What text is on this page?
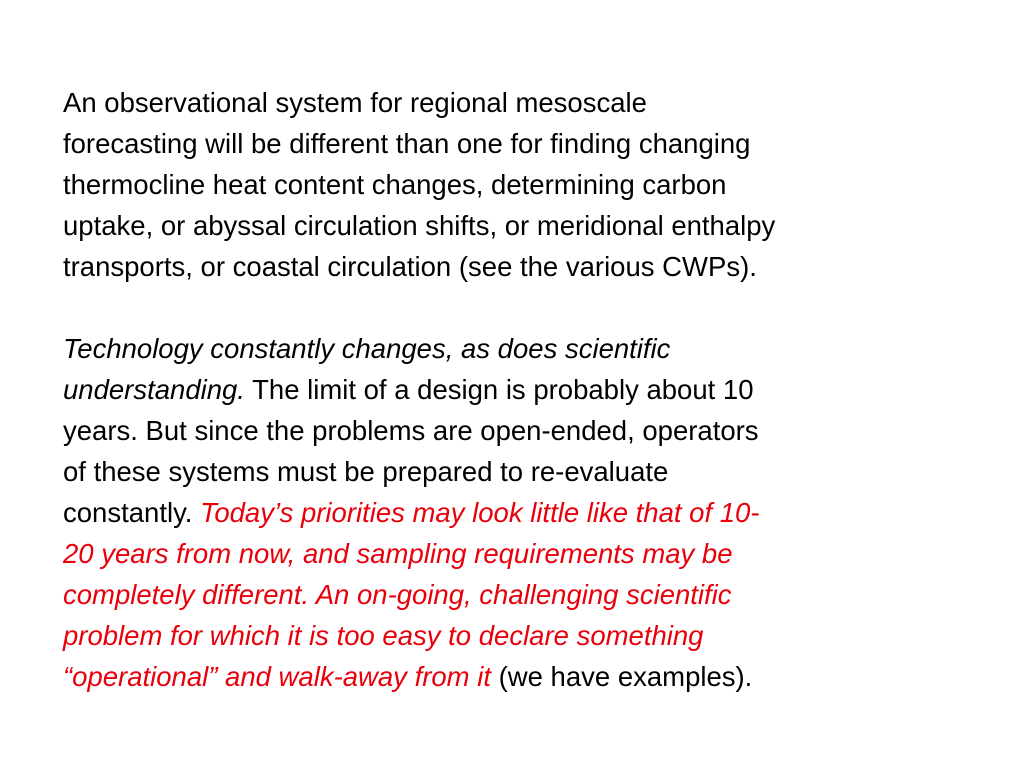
An observational system for regional mesoscale
forecasting will be different than one for finding changing
thermocline heat content changes, determining carbon
uptake, or abyssal circulation shifts, or meridional enthalpy
transports, or coastal circulation (see the various CWPs).
Technology constantly changes, as does scientific
understanding. The limit of a design is probably about 10
years. But since the problems are open-ended, operators
of these systems must be prepared to re-evaluate
constantly. Today’s priorities may look little like that of 10-
20 years from now, and sampling requirements may be
completely different. An on-going, challenging scientific
problem for which it is too easy to declare something
“operational” and walk-away from it (we have examples).
